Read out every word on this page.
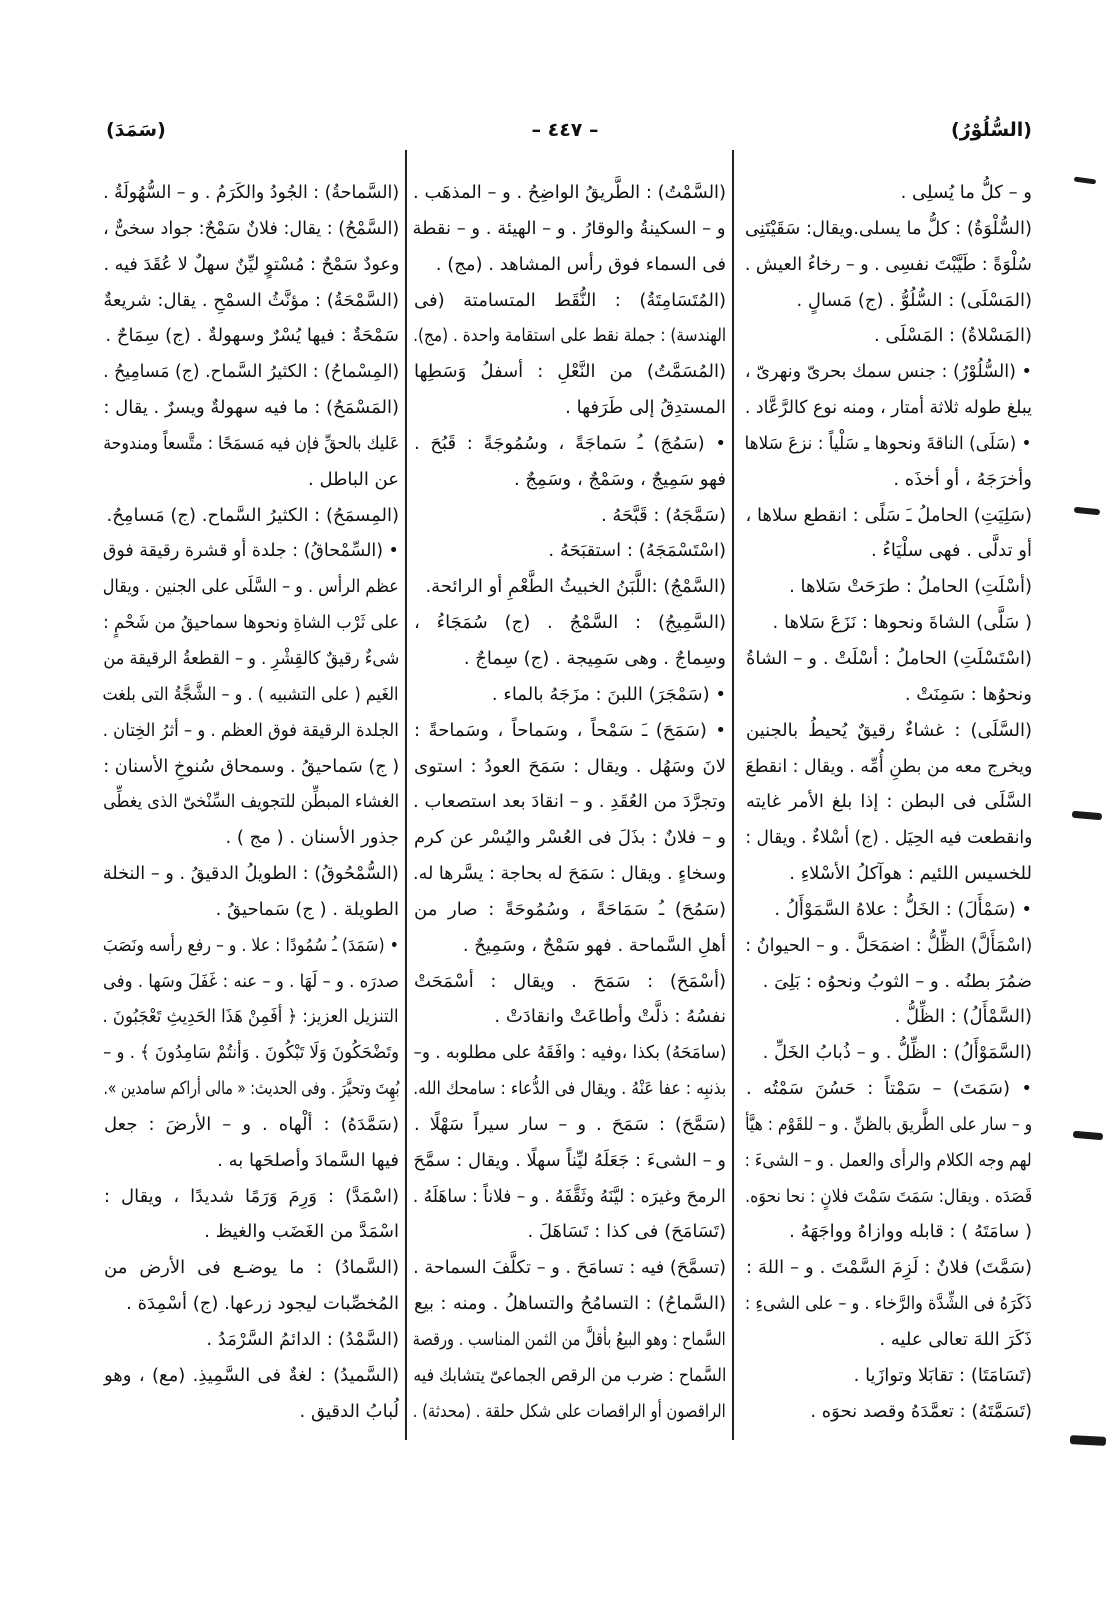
(السُّلُوْرُ)
– ٤٤٧ –
(سَمَدَ)
و – كلُّ ما يُسلِى .
(السُّلْوَةُ) : كلُّ ما يسلى.ويقال: سَقَيْتَنِى
سُلْوَةً : طَيَّبْتَ نفسِى . و – رخاءُ العيش .
(المَسْلَى) : السُّلُوُّ . (ج) مَسالٍ .
(المَسْلاةُ) : المَسْلَى .
• (السُّلُوْرُ) : جنس سمك بحرىّ ونهرىّ ،
يبلغ طوله ثلاثة أمتار ، ومنه نوع كالرَّعَّاد .
• (سَلَى) الناقةَ ونحوها ـِ سَلْياً : نزعَ سَلاها
وأخرَجَهُ ، أو أخذَه .
(سَلِيَتِ) الحاملُ ـَ سَلًى : انقطع سلاها ،
أو تدلَّى . فهى سلْيَاءُ .
(أسْلَتِ) الحاملُ : طرَحَتْ سَلاها .
( سَلَّى) الشاةَ ونحوها : نَزَعَ سَلاها .
(اسْتَسْلَتِ) الحاملُ : أسْلَتْ . و – الشاةُ
ونحوُها : سَمِنَتْ .
(السَّلَى) : غشاءٌ رقيقٌ يُحيطُ بالجنين
ويخرج معه من بطنِ أُمِّه . ويقال : انقطعَ
السَّلَى فى البطن : إذا بلغ الأمر غايته
وانقطعت فيه الحِيَل . (ج) أسْلاءٌ . ويقال :
للخسيس اللئيم : هوآكلُ الأسْلاءِ .
• (سَمْأَلَ) : الخَلُّ : علاهُ السَّمَوْأَلُ .
(اسْمَأَلَّ) الظِّلُّ : اضمَحَلَّ . و – الحيوانُ :
ضمُرَ بطنُه . و – الثوبُ ونحوُه : بَلِىَ .
(السَّمْأَلُ) : الظِّلُّ .
(السَّمَوْأَلُ) : الظِّلُّ . و – ذُبابُ الخَلِّ .
• (سَمَتَ) – سَمْتاً : حَسُنَ سَمْتُه .
و – سار على الطَّريق بالظنِّ . و – للقَوْم : هيَّأ
لهم وجه الكلام والرأى والعمل . و – الشىءَ :
قَصَدَه . ويقال: سَمَتَ سَمْتَ فلانٍ : نحا نحوَه.
( سامَتَهُ ) : قابله ووازاهُ وواجَهَهُ .
(سَمَّتَ) فلانٌ : لَزِمَ السَّمْتَ . و – اللهَ :
ذَكَرَهُ فى الشِّدَّة والرَّخاء . و – على الشىءِ :
ذَكَرَ اللهَ تعالى عليه .
(تَسَامَتَا) : تقابَلا وتوازَيا .
(تَسَمَّتَهُ) : تعمَّدَهُ وقصد نحوَه .
(السَّمْتُ) : الطَّريقُ الواضِحُ . و – المذهَب .
و – السكينةُ والوقارُ . و – الهيئة . و – نقطة
فى السماء فوق رأس المشاهد . (مج) .
(المُتَسَامِتَةُ) : النُّقَط المتسامتة (فى
الهندسة) : جملة نقط على استقامة واحدة . (مج).
(المُسَمَّتُ) من النَّعْلِ : أسفلُ وَسَطِها
المستدِقُ إلى طَرَفها .
• (سَمُجَ) ـُ سَماجَةً ، وسُمُوجَةً : قَبُحَ .
فهو سَمِيجٌ ، وسَمْجٌ ، وسَمِجٌ .
(سَمَّجَهُ) : قَبَّحَهُ .
(اسْتَسْمَجَهُ) : استقبَحَهُ .
(السَّمْجُ) :اللَّبَنُ الخبيثُ الطَّعْمِ أو الرائحة.
(السَّمِيجُ) : السَّمْجُ . (ج) سُمَجَاءُ ،
وسِماجٌ . وهى سَمِيجة . (ج) سِماجٌ .
• (سَمْجَرَ) اللبنَ : مزَجَهُ بالماء .
• (سَمَحَ) ـَ سَمْحاً ، وسَماحاً ، وسَماحةً :
لانَ وسَهُل . ويقال : سَمَحَ العودُ : استوى
وتجرَّدَ من العُقَدِ . و – انقادَ بعد استصعاب .
و – فلانٌ : بذَلَ فى العُسْر واليُسْر عن كرم
وسخاءٍ . ويقال : سَمَحَ له بحاجة : يسَّرها له.
(سَمُحَ) ـُ سَمَاحَةً ، وسُمُوحَةً : صار من
أهلِ السَّماحة . فهو سَمْحٌ ، وسَمِيحٌ .
(أسْمَحَ) : سَمَحَ . ويقال : أسْمَحَتْ
نفسُهُ : ذلَّتْ وأطاعَتْ وانقادَتْ .
(سامَحَهُ) بكذا ،وفيه : وافَقَهُ على مطلوبه . و–
بذنبِه : عفا عَنْهُ . ويقال فى الدُّعاء : سامحك الله.
(سَمَّحَ) : سَمَحَ . و – سار سيراً سَهْلًا .
و – الشىءَ : جَعَلَهُ ليِّناً سهلًا . ويقال : سمَّحَ
الرمحَ وغيرَه : ليَّنَهُ وثَقَّفَهُ . و – فلاناً : ساهَلَهُ .
(تَسَامَحَ) فى كذا : تَسَاهَلَ .
(تسمَّحَ) فيه : تسامَحَ . و – تكلَّفَ السماحة .
(السَّماحُ) : التسامُحُ والتساهلُ . ومنه : بيع
السَّماح : وهو البيعُ بأقلَّ من الثمن المناسب . ورقصة
السَّماح : ضرب من الرقص الجماعىّ يتشابك فيه
الراقصون أو الراقصات على شكل حلقة . (محدثة) .
(السَّماحةُ) : الجُودُ والكَرَمُ . و – السُّهُولَةُ .
(السَّمْحُ) : يقال: فلانٌ سَمْحٌ: جواد سخىٌّ ،
وعودٌ سَمْحٌ : مُسْتوٍ ليِّنٌ سهلٌ لا عُقَدَ فيه .
(السَّمْحَةُ) : مؤنَّثُ السمْحِ . يقال: شريعةٌ
سَمْحَةٌ : فيها يُسْرٌ وسهولةٌ . (ج) سِمَاحٌ .
(المِسْماحُ) : الكثيرُ السَّماح. (ج) مَسامِيحُ .
(المَسْمَحُ) : ما فيه سهولةٌ ويسرٌ . يقال :
عَليك بالحقِّ فإن فيه مَسمَحًا : متَّسعاً ومندوحة
عن الباطل .
(المِسمَحُ) : الكثيرُ السَّماح. (ج) مَسامِحُ.
• (السِّمْحاقُ) : جلدة أو قشرة رقيقة فوق
عظم الرأس . و – السَّلَى على الجنين . ويقال
على ثَرْب الشاةِ ونحوها سماحيقُ من شَحْمٍ :
شىءٌ رقيقٌ كالقِشْرِ . و – القطعةُ الرقيقة من
الغَيم ( على التشبيه ) . و – الشَّجَّةُ التى بلغت
الجلدة الرقيقة فوق العظم . و – أثرُ الخِتان .
( ج) سَماحيقُ . وسمحاق سُنوخِ الأسنان :
الغشاء المبطِّن للتجويف السِّنْخىّ الذى يغطِّى
جذور الأسنان . ( مج ) .
(السُّمْحُوقُ) : الطويلُ الدقيقُ . و – النخلة
الطويلة . ( ج) سَماحيقُ .
• (سَمَدَ) ـُ سُمُودًا : علا . و – رفع رأسه ونَصَبَ
صدرَه . و – لَهَا . و – عنه : غَفَلَ وسَها . وفى
التنزيل العزيز: ﴿ أفَمِنْ هَذَا الحَدِيثِ تَعْجَبُونَ .
وتَضْحَكُونَ وَلَا تَبْكُونَ . وَأنتُمْ سَامِدُونَ ﴾ . و –
بُهِتَ وتحيَّرَ . وفى الحديث: « مالى أراكم سامدين ».
(سَمَّدَهُ) : ألْهاه . و – الأرضَ : جعل
فيها السَّمادَ وأصلحَها به .
(اسْمَدَّ) : وَرِمَ وَرَمًا شديدًا ، ويقال :
اسْمَدَّ من الغَضَب والغيظ .
(السَّمادُ) : ما يوضـع فى الأرض من
المُخصِّبات ليجود زرعها. (ج) أسْمِدَة .
(السَّمْدُ) : الدائمُ السَّرْمَدُ .
(السَّميدُ) : لغةٌ فى السَّمِيذِ. (مع) ، وهو
لُبابُ الدقيق .
